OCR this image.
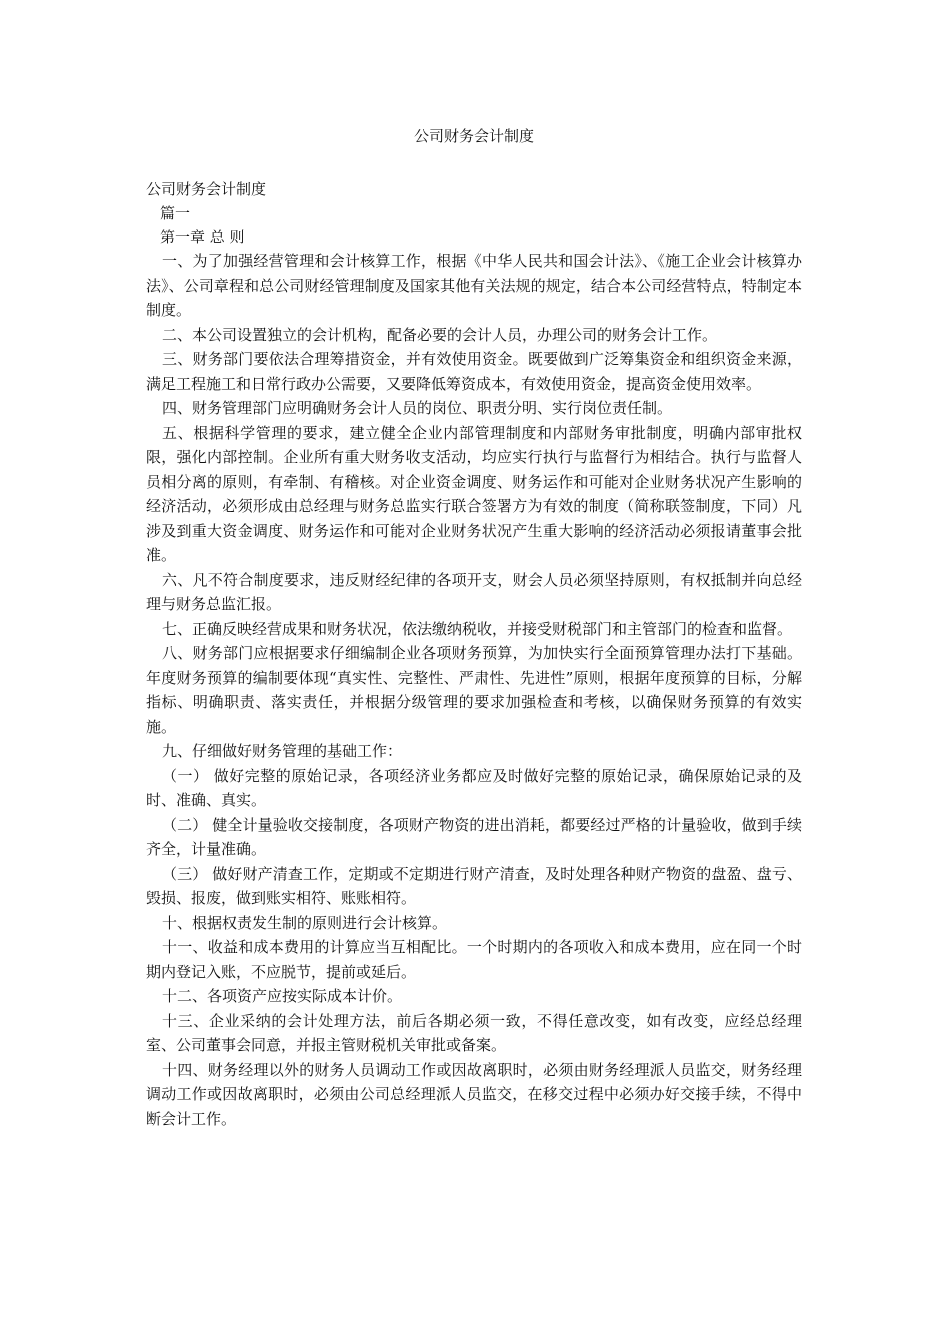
公司财务会计制度

公司财务会计制度

篇一

第一章 总 则

一、为了加强经营管理和会计核算工作，根据《中华人民共和国会计法》、《施工企业会计核算办法》、公司章程和总公司财经管理制度及国家其他有关法规的规定，结合本公司经营特点，特制定本制度。

二、本公司设置独立的会计机构，配备必要的会计人员，办理公司的财务会计工作。

三、财务部门要依法合理筹措资金，并有效使用资金。既要做到广泛筹集资金和组织资金来源，满足工程施工和日常行政办公需要，又要降低筹资成本，有效使用资金，提高资金使用效率。

四、财务管理部门应明确财务会计人员的岗位、职责分明、实行岗位责任制。

五、根据科学管理的要求，建立健全企业内部管理制度和内部财务审批制度，明确内部审批权限，强化内部控制。企业所有重大财务收支活动，均应实行执行与监督行为相结合。执行与监督人员相分离的原则，有牵制、有稽核。对企业资金调度、财务运作和可能对企业财务状况产生影响的经济活动，必须形成由总经理与财务总监实行联合签署方为有效的制度（简称联签制度，下同）凡涉及到重大资金调度、财务运作和可能对企业财务状况产生重大影响的经济活动必须报请董事会批准。

六、凡不符合制度要求，违反财经纪律的各项开支，财会人员必须坚持原则，有权抵制并向总经理与财务总监汇报。

七、正确反映经营成果和财务状况，依法缴纳税收，并接受财税部门和主管部门的检查和监督。

八、财务部门应根据要求仔细编制企业各项财务预算，为加快实行全面预算管理办法打下基础。年度财务预算的编制要体现“真实性、完整性、严肃性、先进性”原则，根据年度预算的目标，分解指标、明确职责、落实责任，并根据分级管理的要求加强检查和考核，以确保财务预算的有效实施。

九、仔细做好财务管理的基础工作：

（一） 做好完整的原始记录，各项经济业务都应及时做好完整的原始记录，确保原始记录的及时、准确、真实。

（二） 健全计量验收交接制度，各项财产物资的进出消耗，都要经过严格的计量验收，做到手续齐全，计量准确。

（三） 做好财产清查工作，定期或不定期进行财产清查，及时处理各种财产物资的盘盈、盘亏、毁损、报废，做到账实相符、账账相符。

十、根据权责发生制的原则进行会计核算。

十一、收益和成本费用的计算应当互相配比。一个时期内的各项收入和成本费用，应在同一个时期内登记入账，不应脱节，提前或延后。

十二、各项资产应按实际成本计价。

十三、企业采纳的会计处理方法，前后各期必须一致，不得任意改变，如有改变，应经总经理室、公司董事会同意，并报主管财税机关审批或备案。

十四、财务经理以外的财务人员调动工作或因故离职时，必须由财务经理派人员监交，财务经理调动工作或因故离职时，必须由公司总经理派人员监交，在移交过程中必须办好交接手续，不得中断会计工作。
